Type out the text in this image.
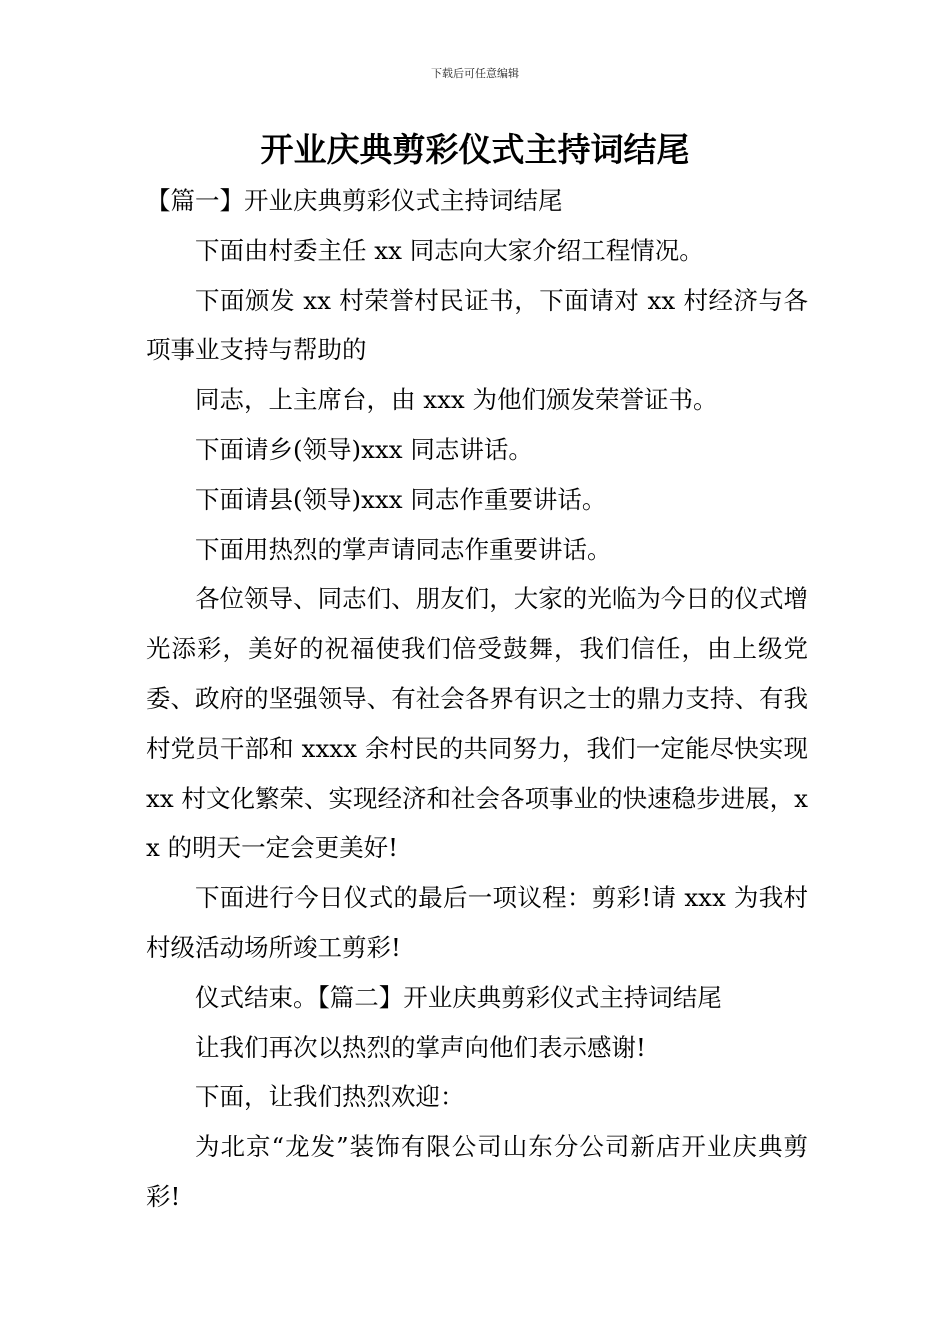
下载后可任意编辑
开业庆典剪彩仪式主持词结尾

【篇一】开业庆典剪彩仪式主持词结尾

下面由村委主任 xx 同志向大家介绍工程情况。

下面颁发 xx 村荣誉村民证书，下面请对 xx 村经济与各项事业支持与帮助的

同志，上主席台，由 xxx 为他们颁发荣誉证书。

下面请乡(领导)xxx 同志讲话。

下面请县(领导)xxx 同志作重要讲话。

下面用热烈的掌声请同志作重要讲话。

各位领导、同志们、朋友们，大家的光临为今日的仪式增光添彩，美好的祝福使我们倍受鼓舞，我们信任，由上级党委、政府的坚强领导、有社会各界有识之士的鼎力支持、有我村党员干部和 xxxx 余村民的共同努力，我们一定能尽快实现 xx 村文化繁荣、实现经济和社会各项事业的快速稳步进展，xx 的明天一定会更美好!

下面进行今日仪式的最后一项议程：剪彩!请 xxx 为我村村级活动场所竣工剪彩!

仪式结束。【篇二】开业庆典剪彩仪式主持词结尾

让我们再次以热烈的掌声向他们表示感谢!

下面，让我们热烈欢迎：

为北京“龙发”装饰有限公司山东分公司新店开业庆典剪彩!
